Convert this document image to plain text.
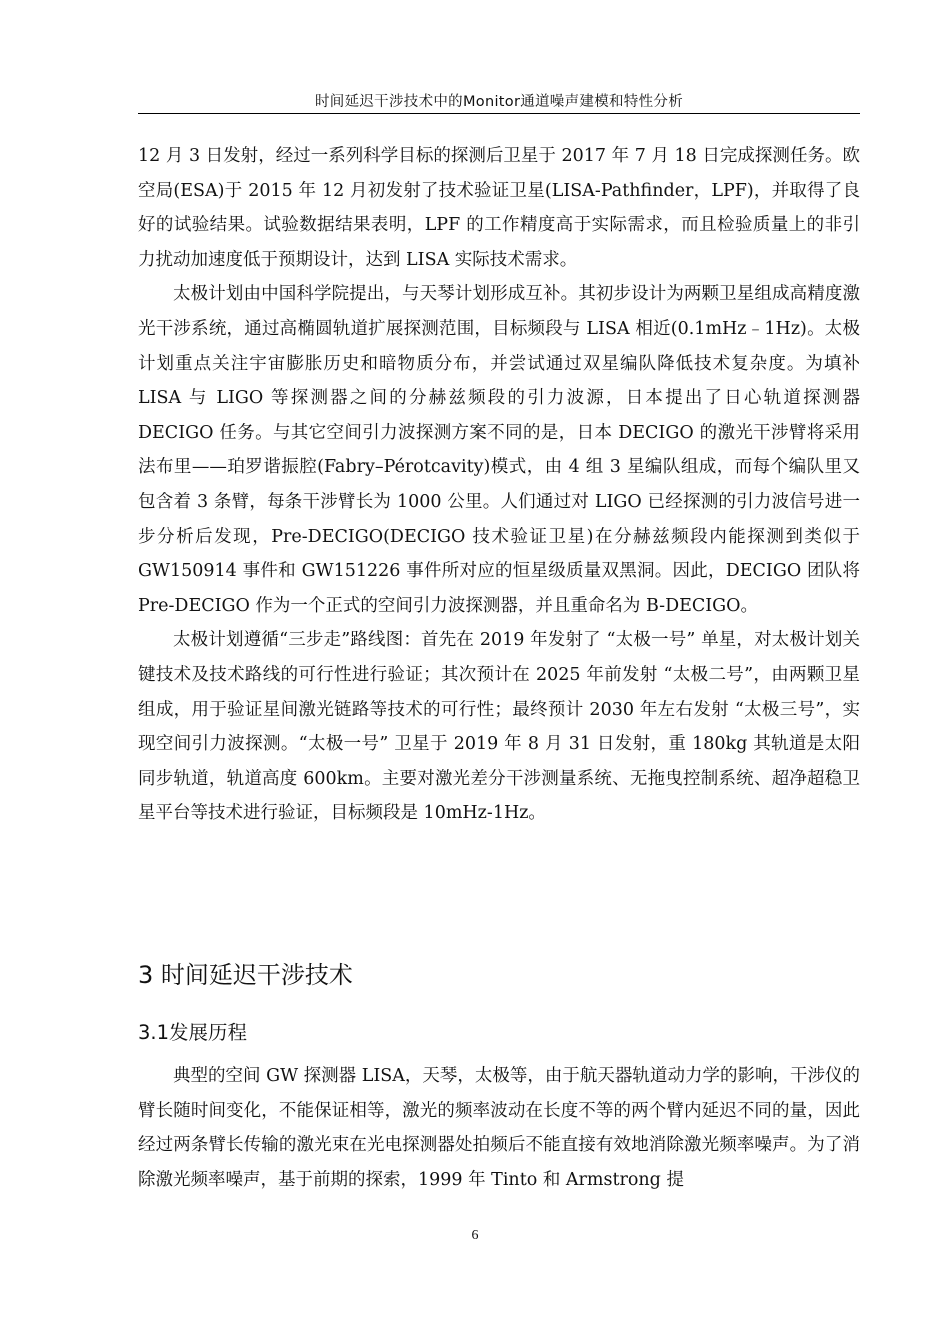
时间延迟干涉技术中的Monitor通道噪声建模和特性分析

12 月 3 日发射，经过一系列科学目标的探测后卫星于 2017 年 7 月 18 日完成探测任务。欧空局(ESA)于 2015 年 12 月初发射了技术验证卫星(LISA-Pathfinder，LPF)，并取得了良好的试验结果。试验数据结果表明，LPF 的工作精度高于实际需求，而且检验质量上的非引力扰动加速度低于预期设计，达到 LISA 实际技术需求。

太极计划由中国科学院提出，与天琴计划形成互补。其初步设计为两颗卫星组成高精度激光干涉系统，通过高椭圆轨道扩展探测范围，目标频段与 LISA 相近(0.1mHz﹣1Hz)。太极计划重点关注宇宙膨胀历史和暗物质分布，并尝试通过双星编队降低技术复杂度。为填补 LISA 与 LIGO 等探测器之间的分赫兹频段的引力波源，日本提出了日心轨道探测器 DECIGO 任务。与其它空间引力波探测方案不同的是，日本 DECIGO 的激光干涉臂将采用法布里——珀罗谐振腔(Fabry–Pérotcavity)模式，由 4 组 3 星编队组成，而每个编队里又包含着 3 条臂，每条干涉臂长为 1000 公里。人们通过对 LIGO 已经探测的引力波信号进一步分析后发现，Pre-DECIGO(DECIGO 技术验证卫星)在分赫兹频段内能探测到类似于 GW150914 事件和 GW151226 事件所对应的恒星级质量双黑洞。因此，DECIGO 团队将 Pre-DECIGO 作为一个正式的空间引力波探测器，并且重命名为 B-DECIGO。

太极计划遵循“三步走”路线图：首先在 2019 年发射了 “太极一号” 单星，对太极计划关键技术及技术路线的可行性进行验证；其次预计在 2025 年前发射 “太极二号”，由两颗卫星组成，用于验证星间激光链路等技术的可行性；最终预计 2030 年左右发射 “太极三号”，实现空间引力波探测。“太极一号” 卫星于 2019 年 8 月 31 日发射，重 180kg 其轨道是太阳同步轨道，轨道高度 600km。主要对激光差分干涉测量系统、无拖曳控制系统、超净超稳卫星平台等技术进行验证，目标频段是 10mHz-1Hz。

3 时间延迟干涉技术
3.1发展历程

典型的空间 GW 探测器 LISA，天琴，太极等，由于航天器轨道动力学的影响，干涉仪的臂长随时间变化，不能保证相等，激光的频率波动在长度不等的两个臂内延迟不同的量，因此经过两条臂长传输的激光束在光电探测器处拍频后不能直接有效地消除激光频率噪声。为了消除激光频率噪声，基于前期的探索，1999 年 Tinto 和 Armstrong 提

6
